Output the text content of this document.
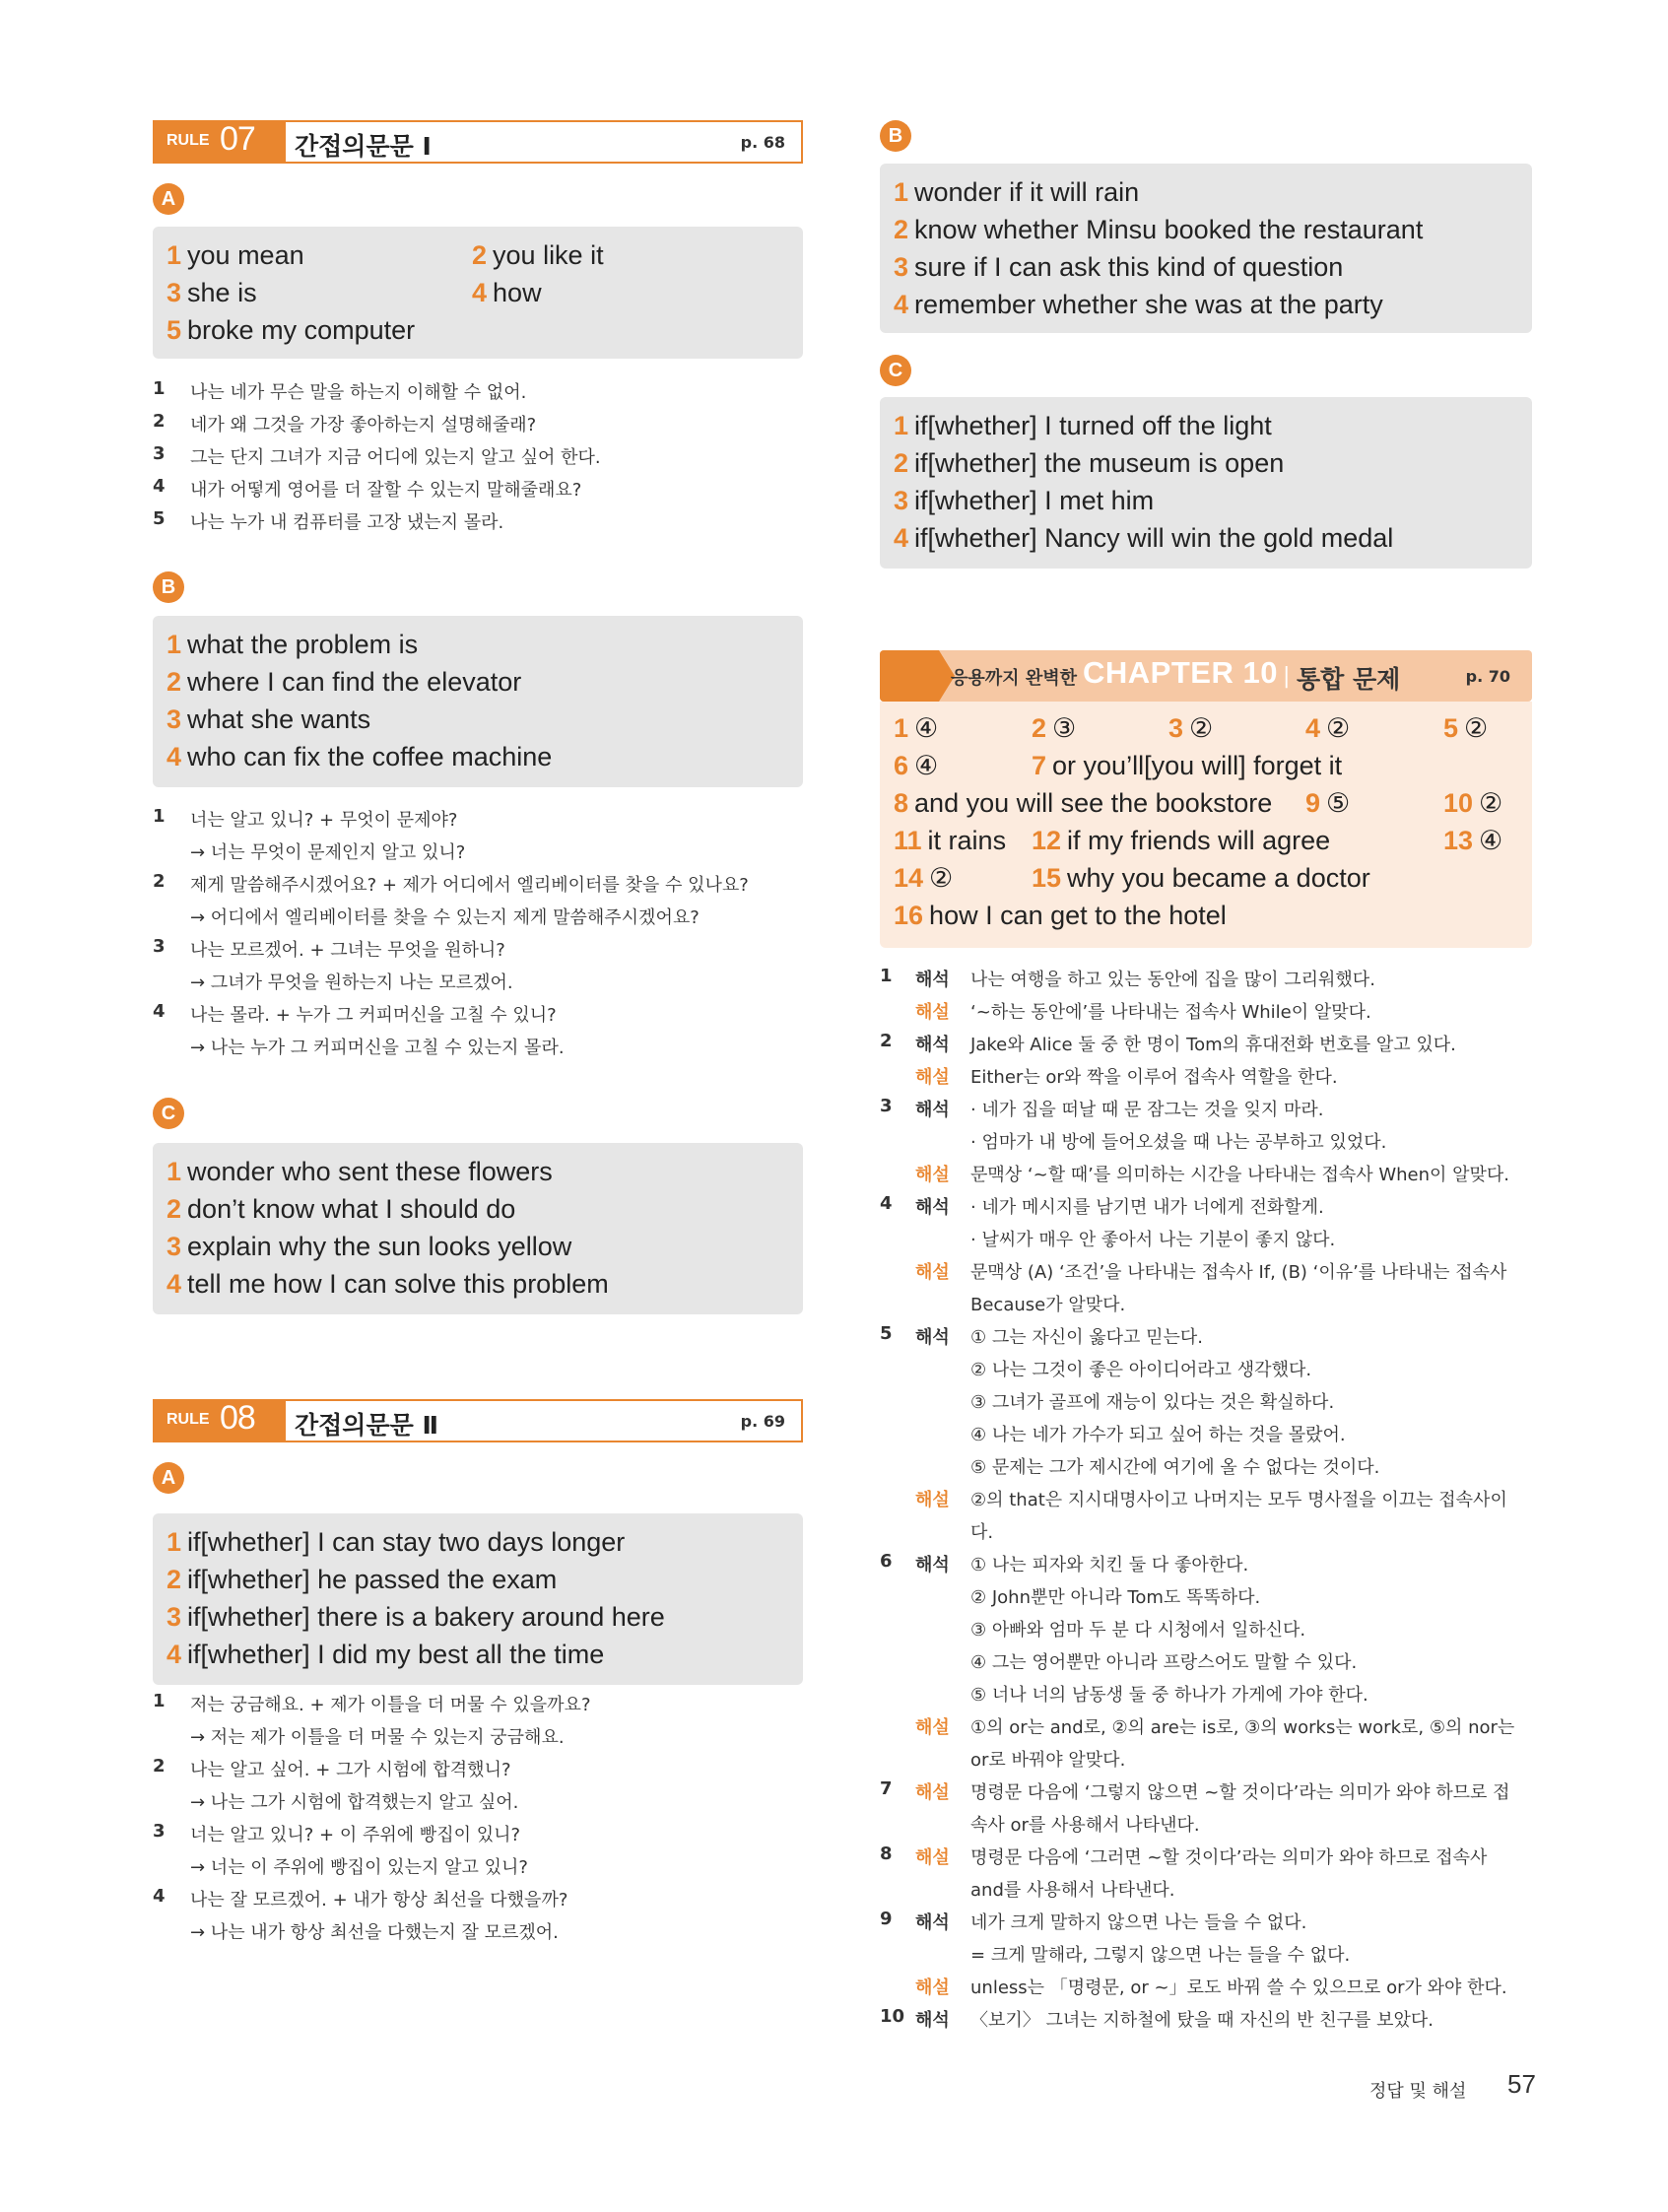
RULE 07 간접의문문 Ⅰ	p. 68
A
1 you mean	2 you like it
3 she is	4 how
5 broke my computer
1 나는 네가 무슨 말을 하는지 이해할 수 없어.
2 네가 왜 그것을 가장 좋아하는지 설명해줄래?
3 그는 단지 그녀가 지금 어디에 있는지 알고 싶어 한다.
4 내가 어떻게 영어를 더 잘할 수 있는지 말해줄래요?
5 나는 누가 내 컴퓨터를 고장 냈는지 몰라.
B
1 what the problem is
2 where I can find the elevator
3 what she wants
4 who can fix the coffee machine
1 너는 알고 있니? + 무엇이 문제야?
→ 너는 무엇이 문제인지 알고 있니?
2 제게 말씀해주시겠어요? + 제가 어디에서 엘리베이터를 찾을 수 있나요?
→ 어디에서 엘리베이터를 찾을 수 있는지 제게 말씀해주시겠어요?
3 나는 모르겠어. + 그녀는 무엇을 원하니?
→ 그녀가 무엇을 원하는지 나는 모르겠어.
4 나는 몰라. + 누가 그 커피머신을 고칠 수 있니?
→ 나는 누가 그 커피머신을 고칠 수 있는지 몰라.
C
1 wonder who sent these flowers
2 don’t know what I should do
3 explain why the sun looks yellow
4 tell me how I can solve this problem
RULE 08 간접의문문 Ⅱ	p. 69
A
1 if[whether] I can stay two days longer
2 if[whether] he passed the exam
3 if[whether] there is a bakery around here
4 if[whether] I did my best all the time
1 저는 궁금해요. + 제가 이틀을 더 머물 수 있을까요?
→ 저는 제가 이틀을 더 머물 수 있는지 궁금해요.
2 나는 알고 싶어. + 그가 시험에 합격했니?
→ 나는 그가 시험에 합격했는지 알고 싶어.
3 너는 알고 있니? + 이 주위에 빵집이 있니?
→ 너는 이 주위에 빵집이 있는지 알고 있니?
4 나는 잘 모르겠어. + 내가 항상 최선을 다했을까?
→ 나는 내가 항상 최선을 다했는지 잘 모르겠어.
B
1 wonder if it will rain
2 know whether Minsu booked the restaurant
3 sure if I can ask this kind of question
4 remember whether she was at the party
C
1 if[whether] I turned off the light
2 if[whether] the museum is open
3 if[whether] I met him
4 if[whether] Nancy will win the gold medal
응용까지 완벽한 CHAPTER 10 | 통합 문제	p. 70
1 ④	2 ③	3 ②	4 ②	5 ②
6 ④	7 or you’ll[you will] forget it
8 and you will see the bookstore 9 ⑤	10 ②
11 it rains 12 if my friends will agree	13 ④
14 ②	15 why you became a doctor
16 how I can get to the hotel
1 해석 나는 여행을 하고 있는 동안에 집을 많이 그리워했다.
해설 ‘~하는 동안에’를 나타내는 접속사 While이 알맞다.
2 해석 Jake와 Alice 둘 중 한 명이 Tom의 휴대전화 번호를 알고 있다.
해설 Either는 or와 짝을 이루어 접속사 역할을 한다.
3 해석 · 네가 집을 떠날 때 문 잠그는 것을 잊지 마라.
· 엄마가 내 방에 들어오셨을 때 나는 공부하고 있었다.
해설 문맥상 ‘~할 때’를 의미하는 시간을 나타내는 접속사 When이 알맞다.
4 해석 · 네가 메시지를 남기면 내가 너에게 전화할게.
· 날씨가 매우 안 좋아서 나는 기분이 좋지 않다.
해설 문맥상 (A) ‘조건’을 나타내는 접속사 If, (B) ‘이유’를 나타내는 접속사
Because가 알맞다.
5 해석 ① 그는 자신이 옳다고 믿는다.
② 나는 그것이 좋은 아이디어라고 생각했다.
③ 그녀가 골프에 재능이 있다는 것은 확실하다.
④ 나는 네가 가수가 되고 싶어 하는 것을 몰랐어.
⑤ 문제는 그가 제시간에 여기에 올 수 없다는 것이다.
해설 ②의 that은 지시대명사이고 나머지는 모두 명사절을 이끄는 접속사이
다.
6 해석 ① 나는 피자와 치킨 둘 다 좋아한다.
② John뿐만 아니라 Tom도 똑똑하다.
③ 아빠와 엄마 두 분 다 시청에서 일하신다.
④ 그는 영어뿐만 아니라 프랑스어도 말할 수 있다.
⑤ 너나 너의 남동생 둘 중 하나가 가게에 가야 한다.
해설 ①의 or는 and로, ②의 are는 is로, ③의 works는 work로, ⑤의 nor는
or로 바꿔야 알맞다.
7 해설 명령문 다음에 ‘그렇지 않으면 ~할 것이다’라는 의미가 와야 하므로 접
속사 or를 사용해서 나타낸다.
8 해설 명령문 다음에 ‘그러면 ~할 것이다’라는 의미가 와야 하므로 접속사
and를 사용해서 나타낸다.
9 해석 네가 크게 말하지 않으면 나는 들을 수 없다.
= 크게 말해라, 그렇지 않으면 나는 들을 수 없다.
해설 unless는 「명령문, or ~」로도 바꿔 쓸 수 있으므로 or가 와야 한다.
10 해석 〈보기〉 그녀는 지하철에 탔을 때 자신의 반 친구를 보았다.
정답 및 해설 57
